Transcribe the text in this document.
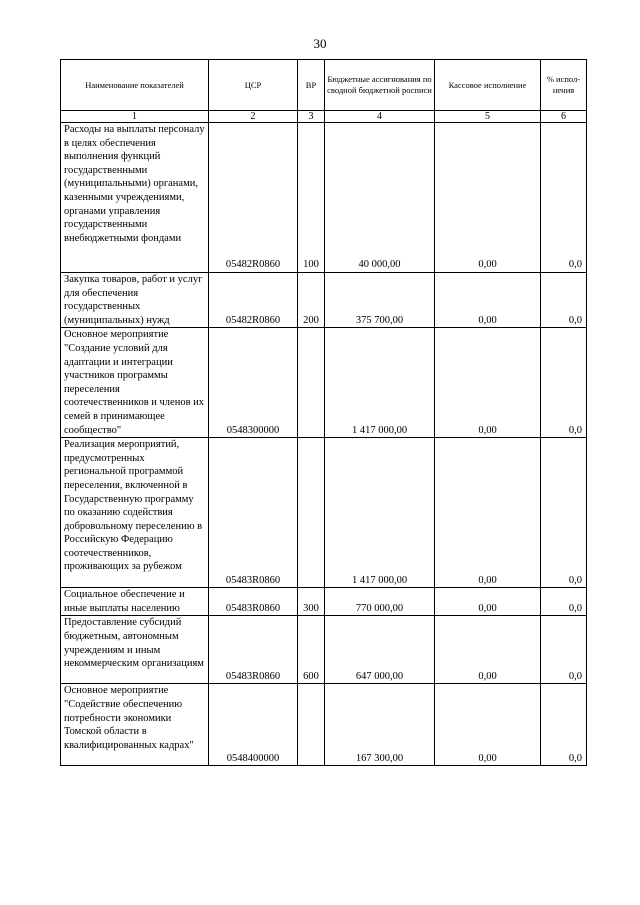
30
Наименование показателей	ЦСР	ВР	Бюджетные ассигнования по сводной бюджетной росписи	Кассовое исполнение	% испол-нения
1	2	3	4	5	6

Расходы на выплаты персоналу в целях обеспечения выполнения функций государственными (муниципальными) органами, казенными учреждениями, органами управления государственными внебюджетными фондами	05482R0860	100	40 000,00	0,00	0,0

Закупка товаров, работ и услуг для обеспечения государственных (муниципальных) нужд	05482R0860	200	375 700,00	0,00	0,0

Основное мероприятие "Создание условий для адаптации и интеграции участников программы переселения соотечественников и членов их семей в принимающее сообщество"	0548300000		1 417 000,00	0,00	0,0

Реализация мероприятий, предусмотренных региональной программой переселения, включенной в Государственную программу по оказанию содействия добровольному переселению в Российскую Федерацию соотечественников, проживающих за рубежом	05483R0860		1 417 000,00	0,00	0,0

Социальное обеспечение и иные выплаты населению	05483R0860	300	770 000,00	0,00	0,0

Предоставление субсидий бюджетным, автономным учреждениям и иным некоммерческим организациям	05483R0860	600	647 000,00	0,00	0,0

Основное мероприятие "Содействие обеспечению потребности экономики Томской области в квалифицированных кадрах"	0548400000		167 300,00	0,00	0,0
